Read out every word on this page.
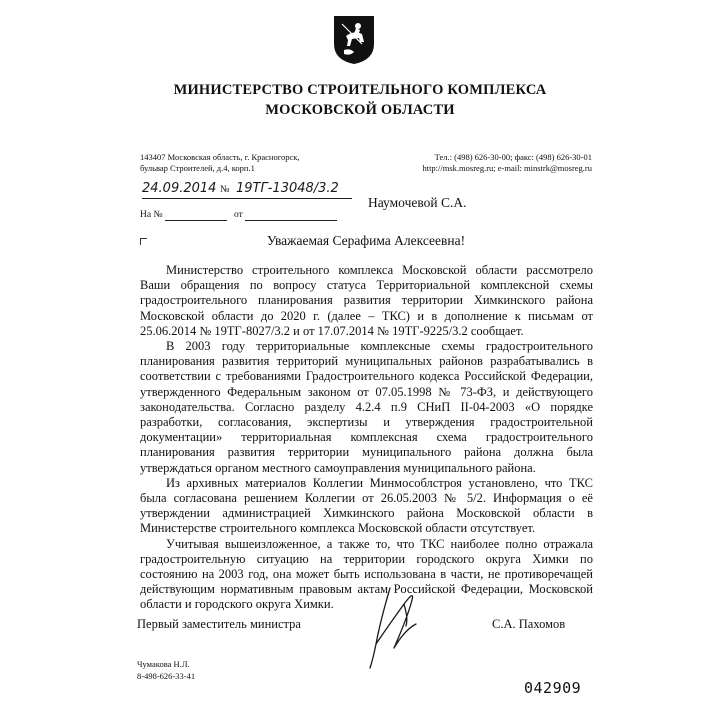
МИНИСТЕРСТВО СТРОИТЕЛЬНОГО КОМПЛЕКСА
МОСКОВСКОЙ ОБЛАСТИ
143407 Московская область, г. Красногорск,
бульвар Строителей, д.4, корп.1
Тел.: (498) 626-30-00; факс: (498) 626-30-01
http://msk.mosreg.ru; e-mail: minstrk@mosreg.ru
24.09.2014 № 19ТГ-13048/3.2
На №	от
Наумочевой С.А.
Уважаемая Серафима Алексеевна!

Министерство строительного комплекса Московской области рассмотрело Ваши обращения по вопросу статуса Территориальной комплексной схемы градостроительного планирования развития территории Химкинского района Московской области до 2020 г. (далее – ТКС) и в дополнение к письмам от 25.06.2014 № 19ТГ-8027/3.2 и от 17.07.2014 № 19ТГ-9225/3.2 сообщает.

В 2003 году территориальные комплексные схемы градостроительного планирования развития территорий муниципальных районов разрабатывались в соответствии с требованиями Градостроительного кодекса Российской Федерации, утвержденного Федеральным законом от 07.05.1998 № 73-ФЗ, и действующего законодательства. Согласно разделу 4.2.4 п.9 СНиП II-04-2003 «О порядке разработки, согласования, экспертизы и утверждения градостроительной документации» территориальная комплексная схема градостроительного планирования развития территории муниципального района должна была утверждаться органом местного самоуправления муниципального района.

Из архивных материалов Коллегии Минмособлстроя установлено, что ТКС была согласована решением Коллегии от 26.05.2003 № 5/2. Информация о её утверждении администрацией Химкинского района Московской области в Министерстве строительного комплекса Московской области отсутствует.

Учитывая вышеизложенное, а также то, что ТКС наиболее полно отражала градостроительную ситуацию на территории городского округа Химки по состоянию на 2003 год, она может быть использована в части, не противоречащей действующим нормативным правовым актам Российской Федерации, Московской области и городского округа Химки.

Первый заместитель министра	С.А. Пахомов
Чумакова Н.Л.
8-498-626-33-41
042909
